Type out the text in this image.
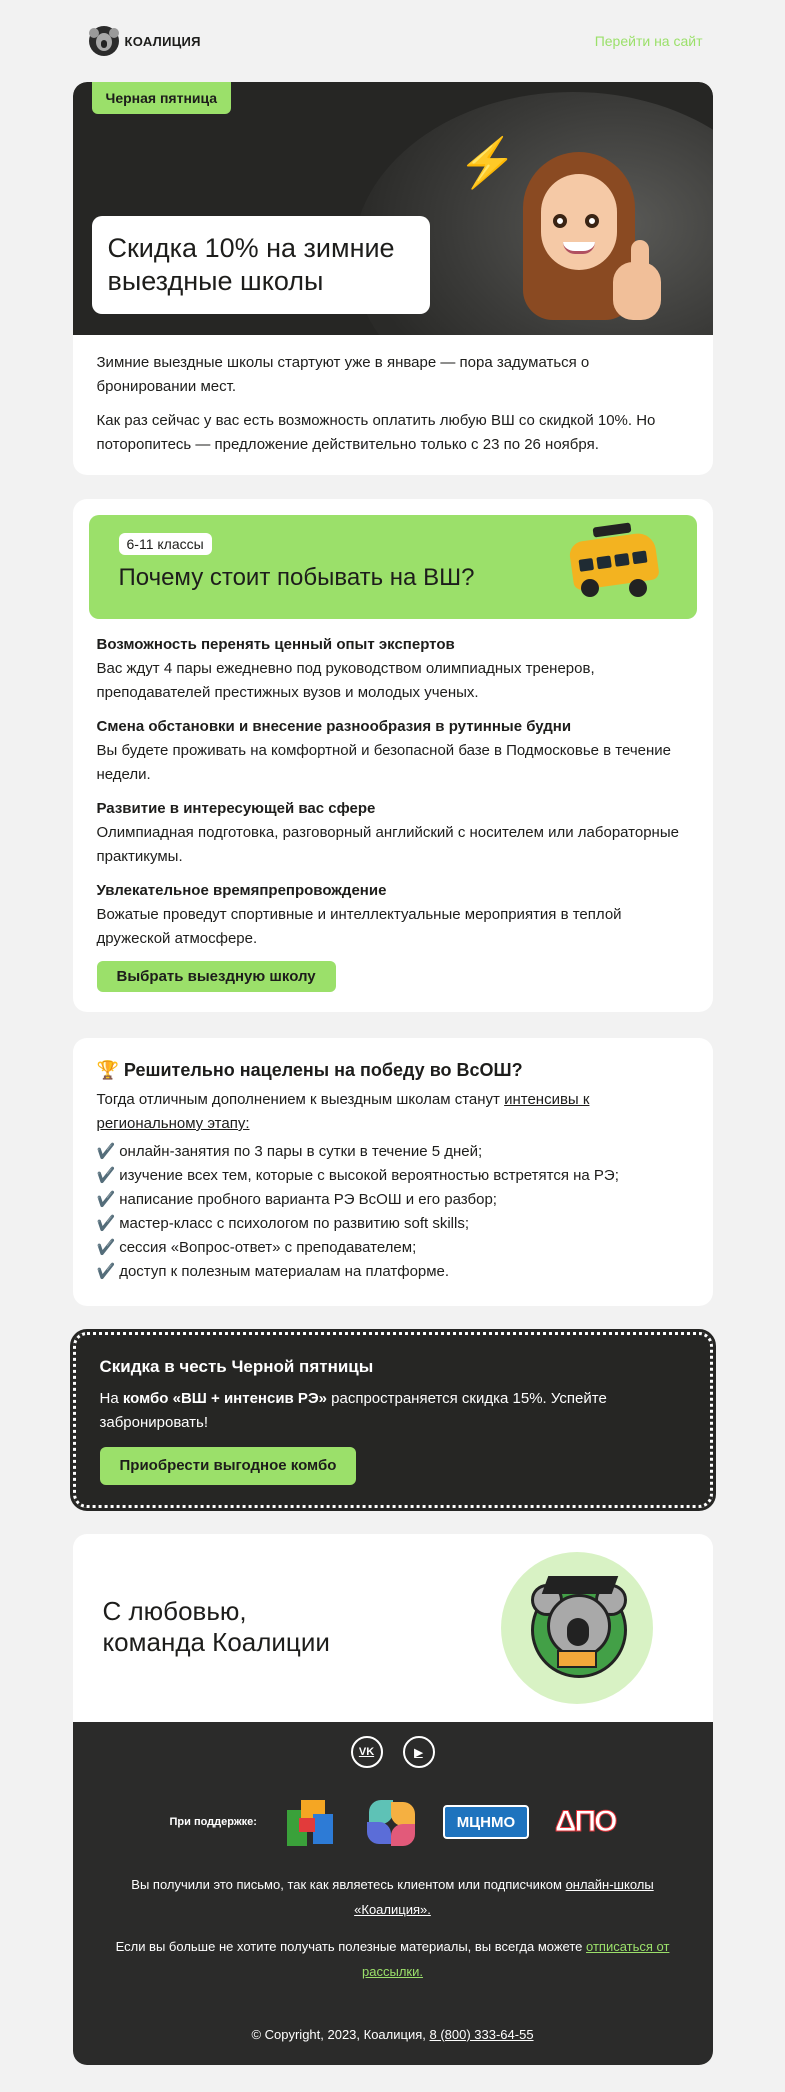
КОАЛИЦИЯ	Перейти на сайт
Черная пятница
⚡
Скидка 10% на зимние выездные школы

Зимние выездные школы стартуют уже в январе — пора задуматься о бронировании мест.

Как раз сейчас у вас есть возможность оплатить любую ВШ со скидкой 10%. Но поторопитесь — предложение действительно только с 23 по 26 ноября.

6-11 классы
Почему стоит побывать на ВШ?
Возможность перенять ценный опыт экспертов
Вас ждут 4 пары ежедневно под руководством олимпиадных тренеров, преподавателей престижных вузов и молодых ученых.
Смена обстановки и внесение разнообразия в рутинные будни
Вы будете проживать на комфортной и безопасной базе в Подмосковье в течение недели.
Развитие в интересующей вас сфере
Олимпиадная подготовка, разговорный английский с носителем или лабораторные практикумы.
Увлекательное времяпрепровождение
Вожатые проведут спортивные и интеллектуальные мероприятия в теплой дружеской атмосфере.
Выбрать выездную школу
🏆 Решительно нацелены на победу во ВсОШ?

Тогда отличным дополнением к выездным школам станут интенсивы к региональному этапу:

✔️ онлайн-занятия по 3 пары в сутки в течение 5 дней;
✔️ изучение всех тем, которые с высокой вероятностью встретятся на РЭ;
✔️ написание пробного варианта РЭ ВсОШ и его разбор;
✔️ мастер-класс с психологом по развитию soft skills;
✔️ сессия «Вопрос-ответ» с преподавателем;
✔️ доступ к полезным материалам на платформе.
Скидка в честь Черной пятницы

На комбо «ВШ + интенсив РЭ» распространяется скидка 15%. Успейте забронировать!

Приобрести выгодное комбо
С любовью,
команда Коалиции
VK	▶
При поддержке:	МЦНМО	ΔΠΟ

Вы получили это письмо, так как являетесь клиентом или подписчиком онлайн-школы «Коалиция».

Если вы больше не хотите получать полезные материалы, вы всегда можете отписаться от рассылки.

© Copyright, 2023, Коалиция, 8 (800) 333-64-55
